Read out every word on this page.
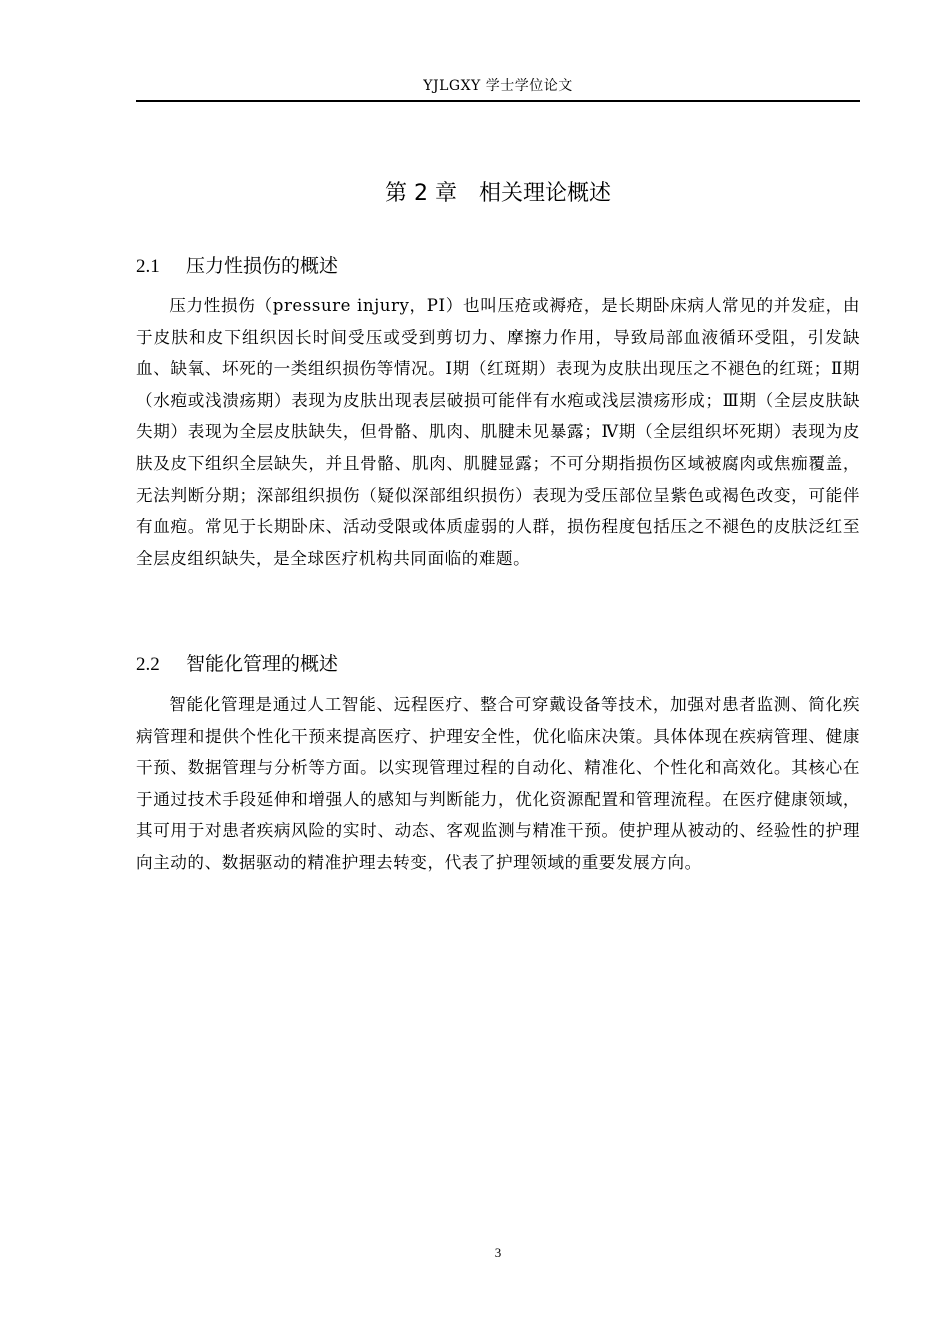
YJLGXY 学士学位论文
第 2 章　相关理论概述
2.1 压力性损伤的概述

压力性损伤（pressure injury，PI）也叫压疮或褥疮，是长期卧床病人常见的并发症，由于皮肤和皮下组织因长时间受压或受到剪切力、摩擦力作用，导致局部血液循环受阻，引发缺血、缺氧、坏死的一类组织损伤等情况。Ⅰ期（红斑期）表现为皮肤出现压之不褪色的红斑；Ⅱ期（水疱或浅溃疡期）表现为皮肤出现表层破损可能伴有水疱或浅层溃疡形成；Ⅲ期（全层皮肤缺失期）表现为全层皮肤缺失，但骨骼、肌肉、肌腱未见暴露；Ⅳ期（全层组织坏死期）表现为皮肤及皮下组织全层缺失，并且骨骼、肌肉、肌腱显露；不可分期指损伤区域被腐肉或焦痂覆盖，无法判断分期；深部组织损伤（疑似深部组织损伤）表现为受压部位呈紫色或褐色改变，可能伴有血疱。常见于长期卧床、活动受限或体质虚弱的人群，损伤程度包括压之不褪色的皮肤泛红至全层皮组织缺失，是全球医疗机构共同面临的难题。

2.2 智能化管理的概述

智能化管理是通过人工智能、远程医疗、整合可穿戴设备等技术，加强对患者监测、简化疾病管理和提供个性化干预来提高医疗、护理安全性，优化临床决策。具体体现在疾病管理、健康干预、数据管理与分析等方面。以实现管理过程的自动化、精准化、个性化和高效化。其核心在于通过技术手段延伸和增强人的感知与判断能力，优化资源配置和管理流程。在医疗健康领域，其可用于对患者疾病风险的实时、动态、客观监测与精准干预。使护理从被动的、经验性的护理向主动的、数据驱动的精准护理去转变，代表了护理领域的重要发展方向。

3
